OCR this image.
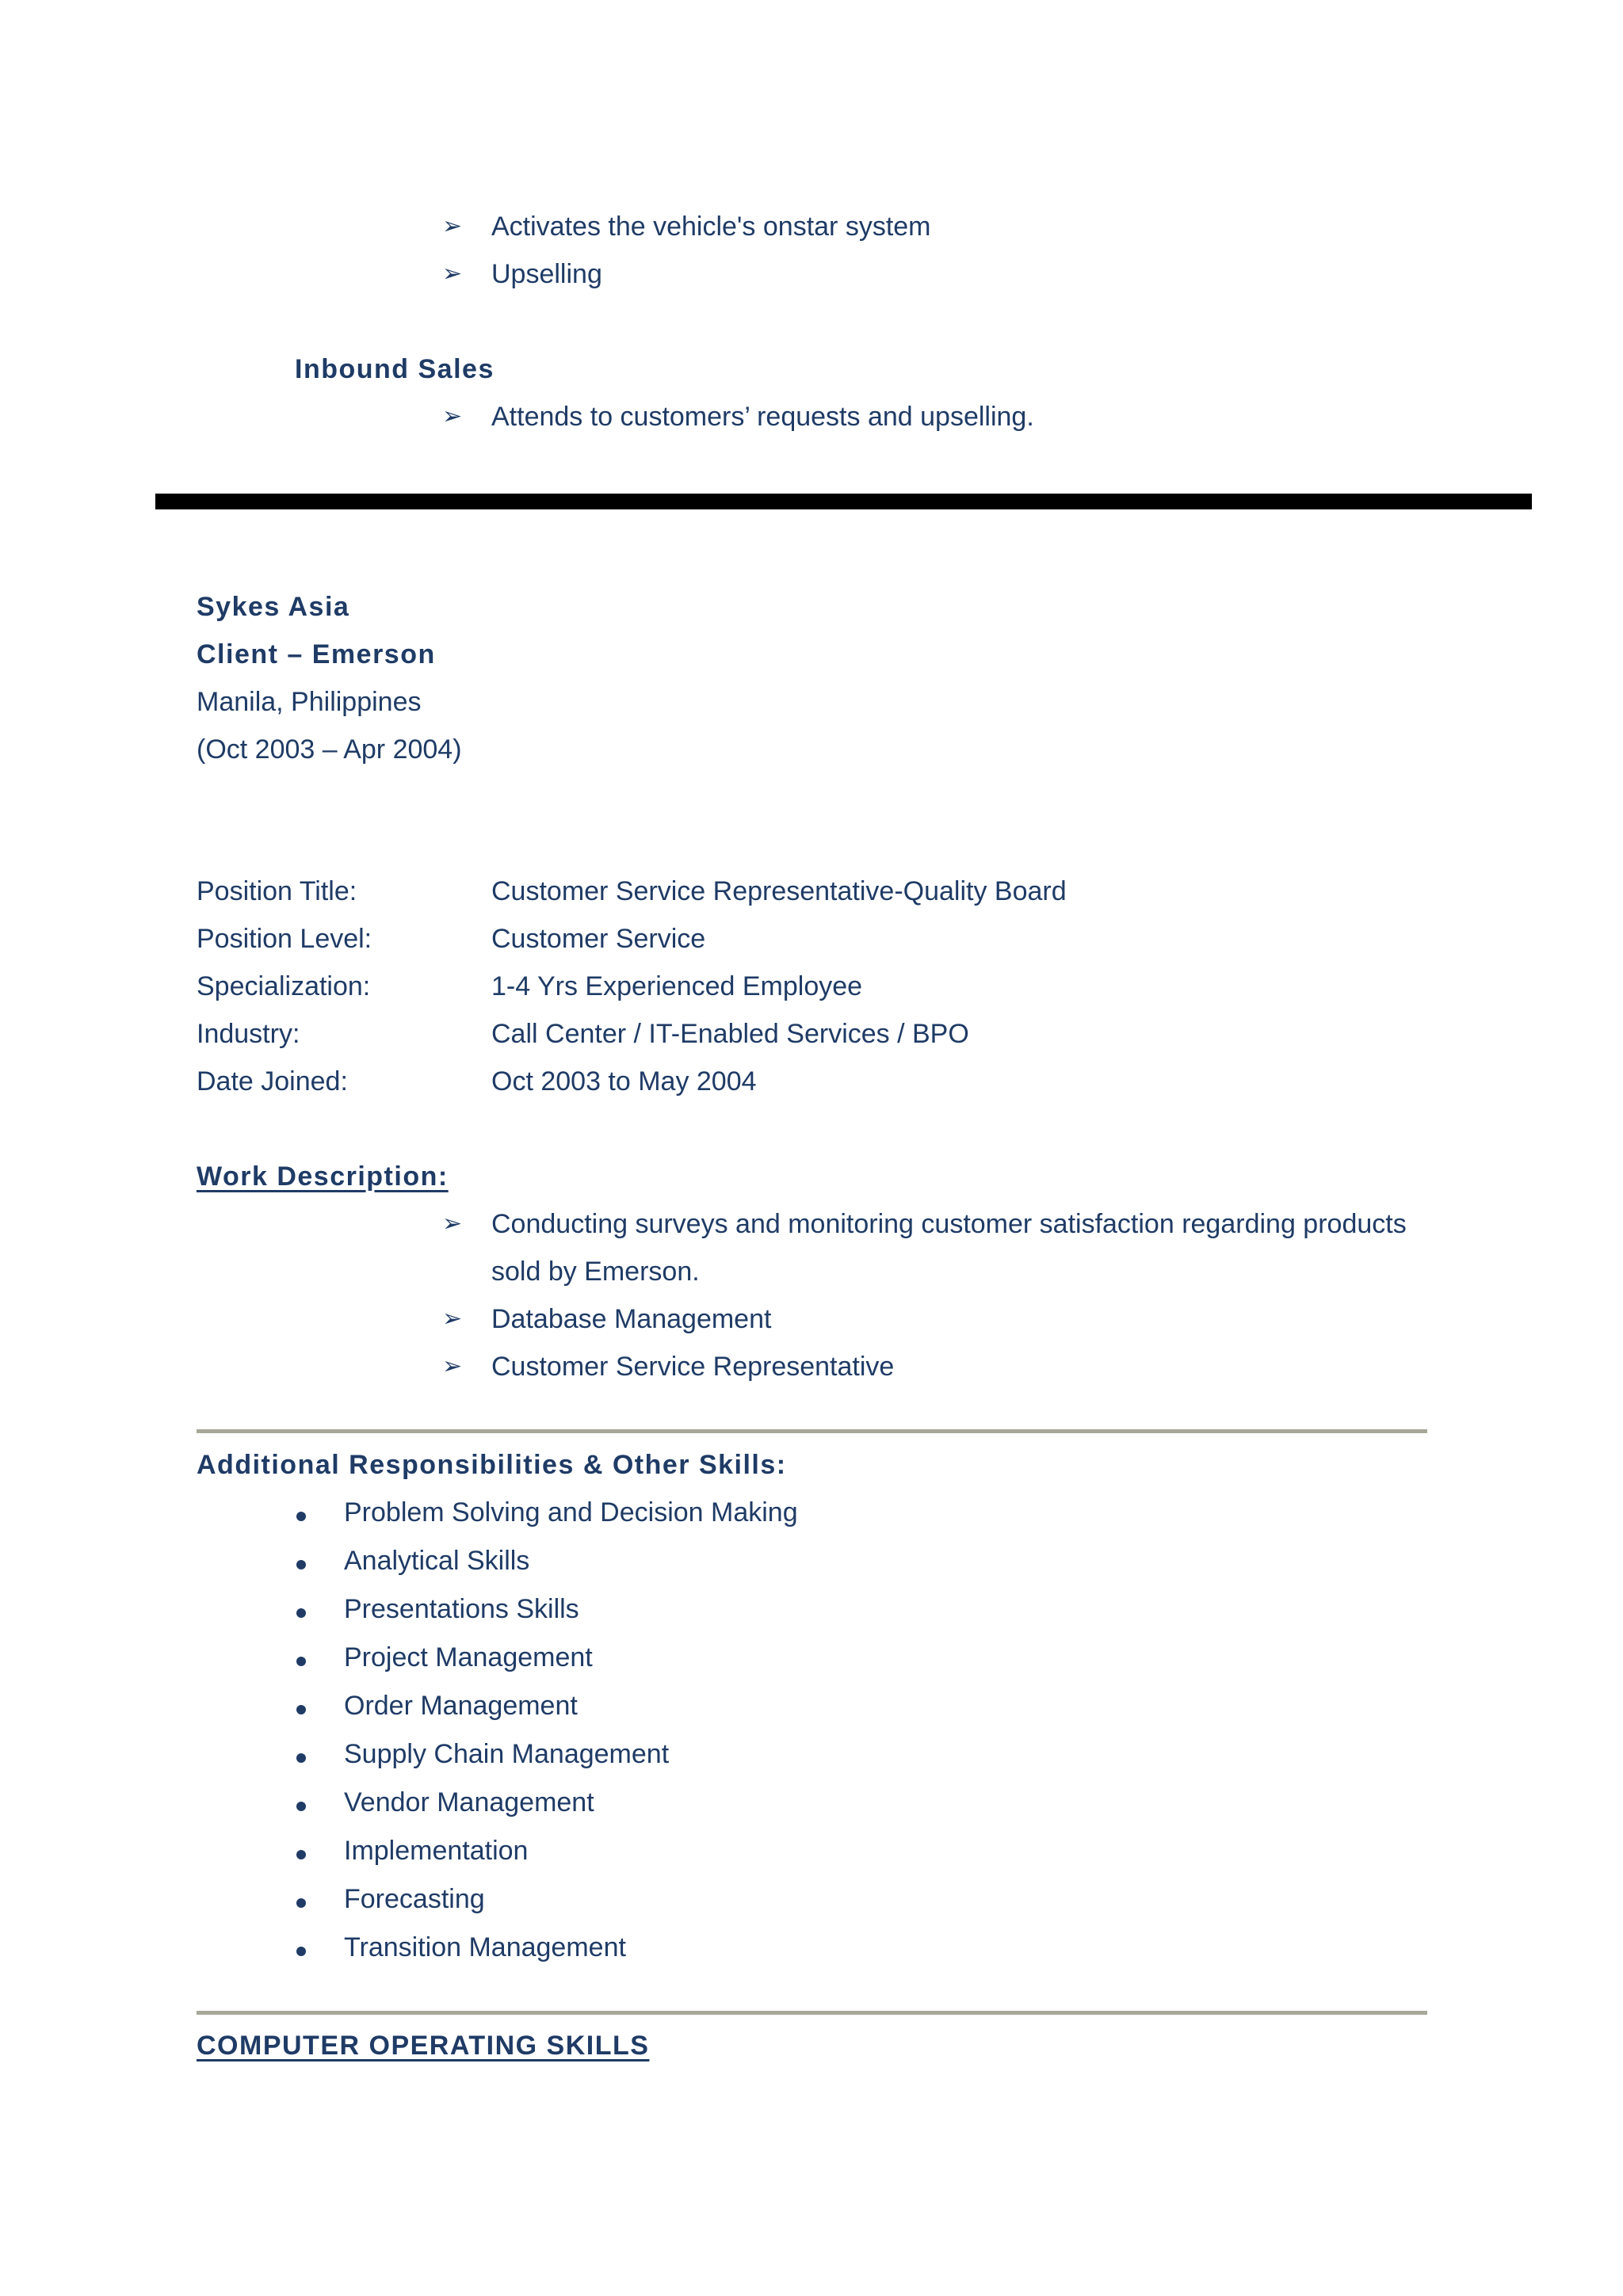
➢ Activates the vehicle's onstar system
➢ Upselling
Inbound Sales
➢ Attends to customers’ requests and upselling.
Sykes Asia
Client – Emerson
Manila, Philippines
(Oct 2003 – Apr 2004)
Position Title:	Customer Service Representative-Quality Board
Position Level:	Customer Service
Specialization:	1-4 Yrs Experienced Employee
Industry:	Call Center / IT-Enabled Services / BPO
Date Joined:	Oct 2003 to May 2004
Work Description:
➢ Conducting surveys and monitoring customer satisfaction regarding products
sold by Emerson.
➢ Database Management
➢ Customer Service Representative
Additional Responsibilities & Other Skills:
Problem Solving and Decision Making
Analytical Skills
Presentations Skills
Project Management
Order Management
Supply Chain Management
Vendor Management
Implementation
Forecasting
Transition Management
COMPUTER OPERATING SKILLS
